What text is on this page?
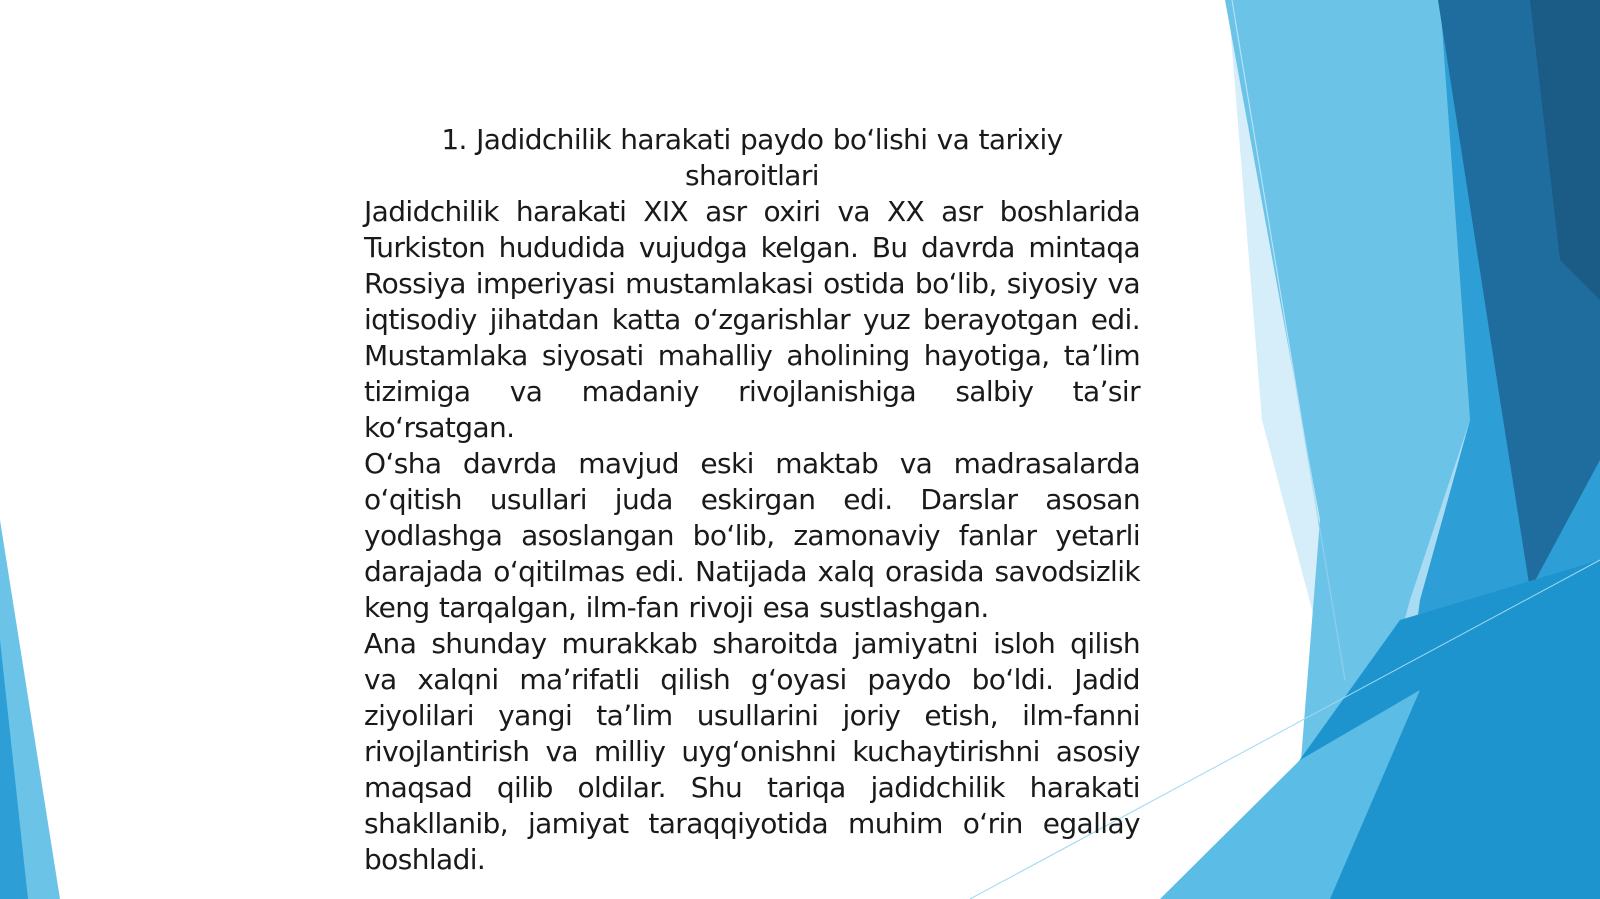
1. Jadidchilik harakati paydo boʻlishi va tarixiy sharoitlari

Jadidchilik harakati XIX asr oxiri va XX asr boshlarida Turkiston hududida vujudga kelgan. Bu davrda mintaqa Rossiya imperiyasi mustamlakasi ostida boʻlib, siyosiy va iqtisodiy jihatdan katta oʻzgarishlar yuz berayotgan edi. Mustamlaka siyosati mahalliy aholining hayotiga, taʼlim tizimiga va madaniy rivojlanishiga salbiy taʼsir koʻrsatgan.

Oʻsha davrda mavjud eski maktab va madrasalarda oʻqitish usullari juda eskirgan edi. Darslar asosan yodlashga asoslangan boʻlib, zamonaviy fanlar yetarli darajada oʻqitilmas edi. Natijada xalq orasida savodsizlik keng tarqalgan, ilm-fan rivoji esa sustlashgan.

Ana shunday murakkab sharoitda jamiyatni isloh qilish va xalqni maʼrifatli qilish gʻoyasi paydo boʻldi. Jadid ziyolilari yangi taʼlim usullarini joriy etish, ilm-fanni rivojlantirish va milliy uygʻonishni kuchaytirishni asosiy maqsad qilib oldilar. Shu tariqa jadidchilik harakati shakllanib, jamiyat taraqqiyotida muhim oʻrin egallay boshladi.
